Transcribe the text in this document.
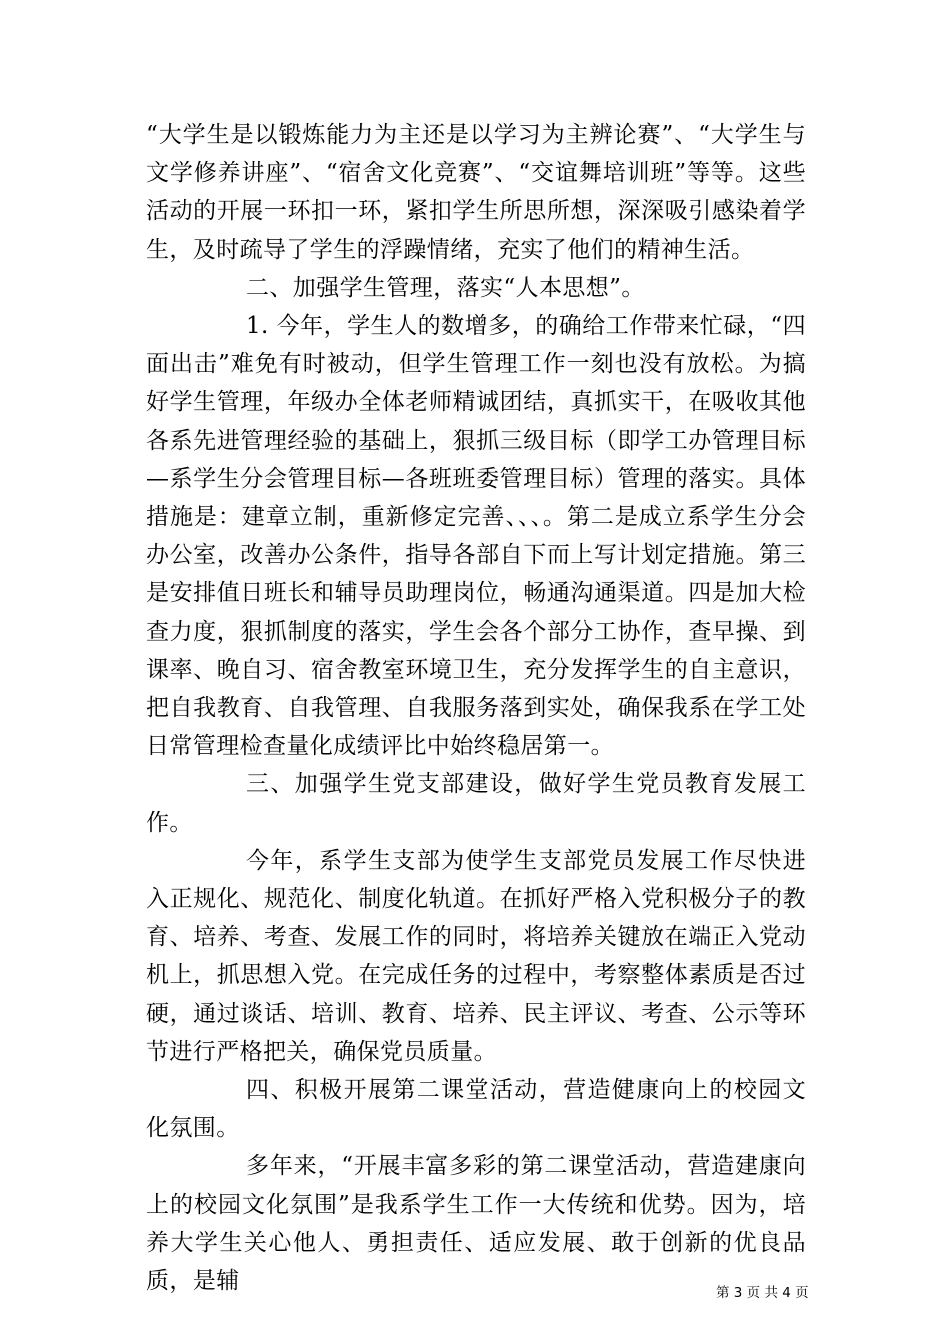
“大学生是以锻炼能力为主还是以学习为主辨论赛”、“大学生与文学修养讲座”、“宿舍文化竞赛”、“交谊舞培训班”等等。这些活动的开展一环扣一环，紧扣学生所思所想，深深吸引感染着学生，及时疏导了学生的浮躁情绪，充实了他们的精神生活。

二、加强学生管理，落实“人本思想”。

1. 今年，学生人的数增多，的确给工作带来忙碌，“四面出击”难免有时被动，但学生管理工作一刻也没有放松。为搞好学生管理，年级办全体老师精诚团结，真抓实干，在吸收其他各系先进管理经验的基础上，狠抓三级目标（即学工办管理目标—系学生分会管理目标—各班班委管理目标）管理的落实。具体措施是：建章立制，重新修定完善、、、。第二是成立系学生分会办公室，改善办公条件，指导各部自下而上写计划定措施。第三是安排值日班长和辅导员助理岗位，畅通沟通渠道。四是加大检查力度，狠抓制度的落实，学生会各个部分工协作，查早操、到课率、晚自习、宿舍教室环境卫生，充分发挥学生的自主意识，把自我教育、自我管理、自我服务落到实处，确保我系在学工处日常管理检查量化成绩评比中始终稳居第一。

三、加强学生党支部建设，做好学生党员教育发展工作。

今年，系学生支部为使学生支部党员发展工作尽快进入正规化、规范化、制度化轨道。在抓好严格入党积极分子的教育、培养、考查、发展工作的同时，将培养关键放在端正入党动机上，抓思想入党。在完成任务的过程中，考察整体素质是否过硬，通过谈话、培训、教育、培养、民主评议、考查、公示等环节进行严格把关，确保党员质量。

四、积极开展第二课堂活动，营造健康向上的校园文化氛围。

多年来，“开展丰富多彩的第二课堂活动，营造建康向上的校园文化氛围”是我系学生工作一大传统和优势。因为，培养大学生关心他人、勇担责任、适应发展、敢于创新的优良品质，是辅	第 3 页 共 4 页
